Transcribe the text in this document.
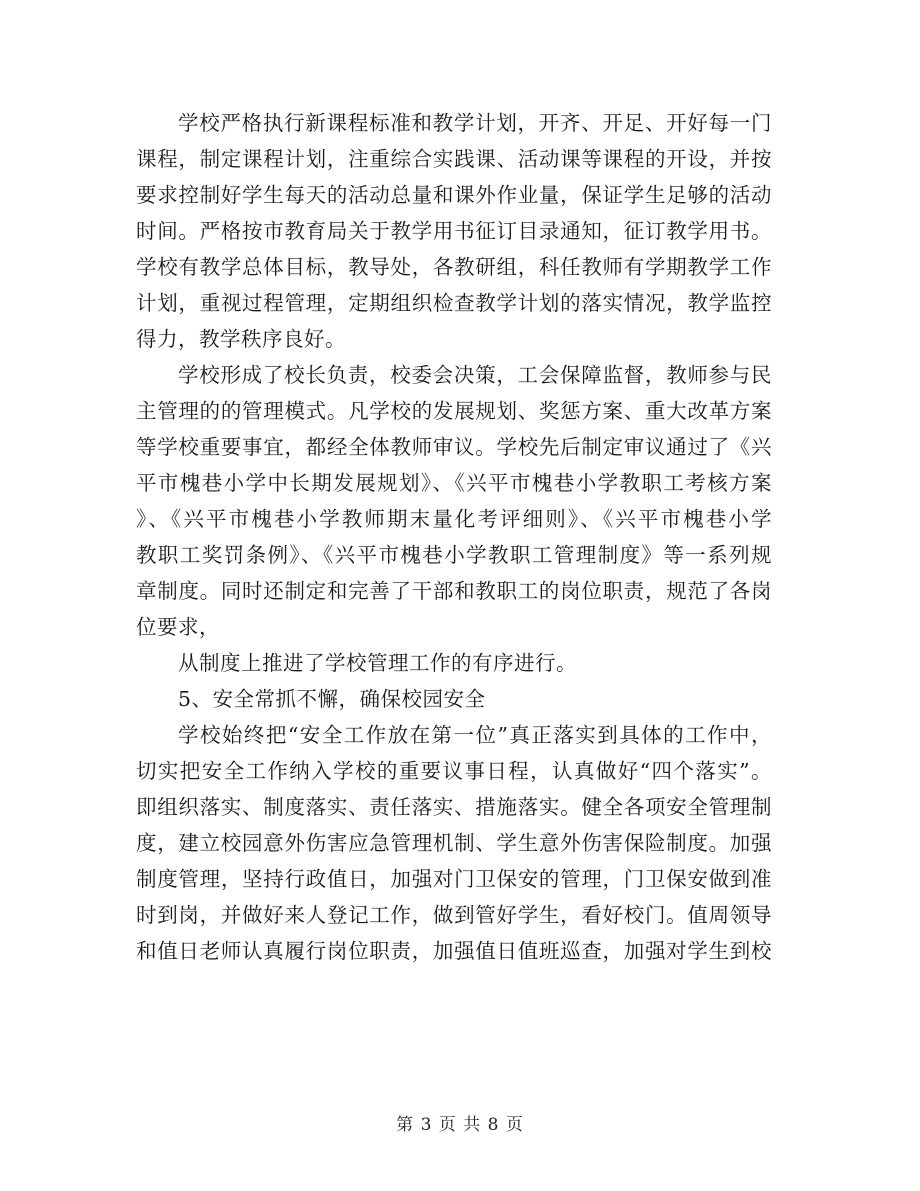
学校严格执行新课程标准和教学计划，开齐、开足、开好每一门
课程，制定课程计划，注重综合实践课、活动课等课程的开设，并按
要求控制好学生每天的活动总量和课外作业量，保证学生足够的活动
时间。严格按市教育局关于教学用书征订目录通知，征订教学用书。
学校有教学总体目标，教导处，各教研组，科任教师有学期教学工作
计划，重视过程管理，定期组织检查教学计划的落实情况，教学监控
得力，教学秩序良好。
学校形成了校长负责，校委会决策，工会保障监督，教师参与民
主管理的的管理模式。凡学校的发展规划、奖惩方案、重大改革方案
等学校重要事宜，都经全体教师审议。学校先后制定审议通过了《兴
平市槐巷小学中长期发展规划》、《兴平市槐巷小学教职工考核方案
》、《兴平市槐巷小学教师期末量化考评细则》、《兴平市槐巷小学
教职工奖罚条例》、《兴平市槐巷小学教职工管理制度》等一系列规
章制度。同时还制定和完善了干部和教职工的岗位职责，规范了各岗
位要求，
从制度上推进了学校管理工作的有序进行。
5、安全常抓不懈，确保校园安全
学校始终把“安全工作放在第一位”真正落实到具体的工作中，
切实把安全工作纳入学校的重要议事日程，认真做好“四个落实”。
即组织落实、制度落实、责任落实、措施落实。健全各项安全管理制
度，建立校园意外伤害应急管理机制、学生意外伤害保险制度。加强
制度管理，坚持行政值日，加强对门卫保安的管理，门卫保安做到准
时到岗，并做好来人登记工作，做到管好学生，看好校门。值周领导
和值日老师认真履行岗位职责，加强值日值班巡查，加强对学生到校
第 3 页 共 8 页
